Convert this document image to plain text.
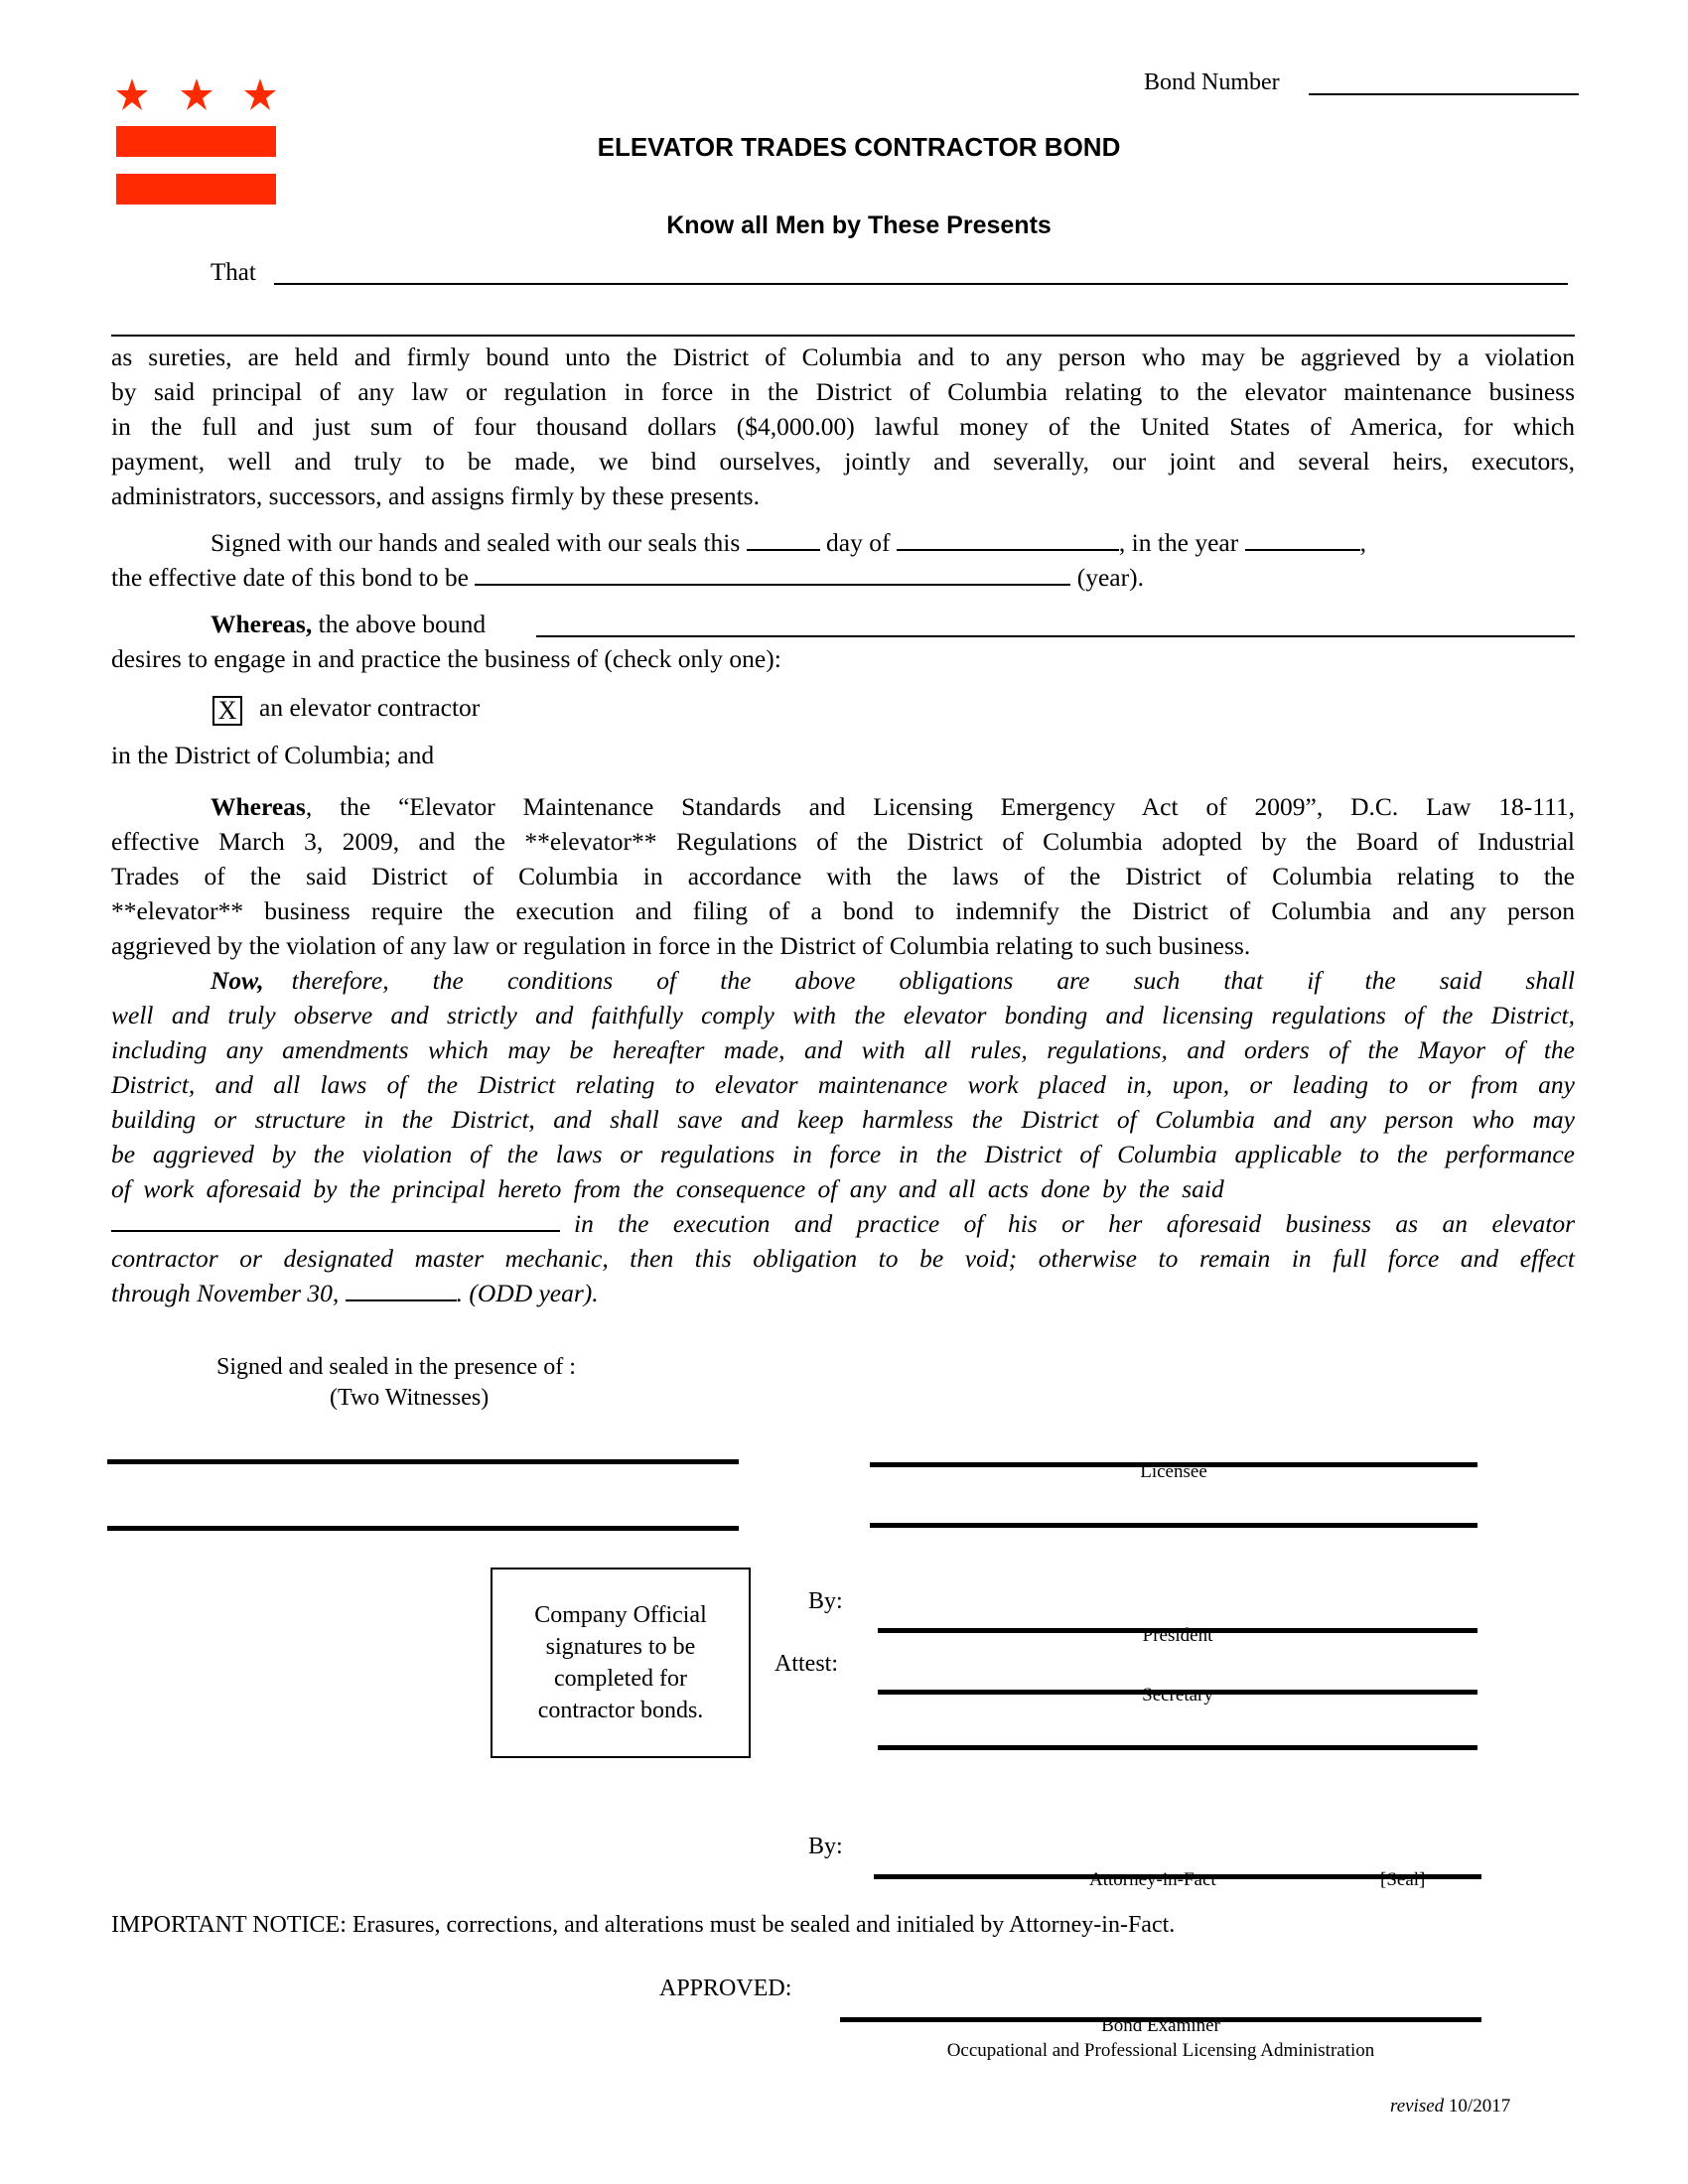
Bond Number
ELEVATOR TRADES CONTRACTOR BOND
Know all Men by These Presents
That
as sureties, are held and firmly bound unto the District of Columbia and to any person who may be aggrieved by a violation
by said principal of any law or regulation in force in the District of Columbia relating to the elevator maintenance business
in the full and just sum of four thousand dollars ($4,000.00) lawful money of the United States of America, for which
payment, well and truly to be made, we bind ourselves, jointly and severally, our joint and several heirs, executors,
administrators, successors, and assigns firmly by these presents.
Signed with our hands and sealed with our seals this	day of	, in the year	,
the effective date of this bond to be	(year).
Whereas, the above bound
desires to engage in and practice the business of (check only one):
X an elevator contractor
in the District of Columbia; and
Whereas, the “Elevator Maintenance Standards and Licensing Emergency Act of 2009”, D.C. Law 18-111,
effective March 3, 2009, and the **elevator** Regulations of the District of Columbia adopted by the Board of Industrial
Trades of the said District of Columbia in accordance with the laws of the District of Columbia relating to the
**elevator** business require the execution and filing of a bond to indemnify the District of Columbia and any person
aggrieved by the violation of any law or regulation in force in the District of Columbia relating to such business.
Now, therefore, the conditions of the above obligations are such that if the said shall
well and truly observe and strictly and faithfully comply with the elevator bonding and licensing regulations of the District,
including any amendments which may be hereafter made, and with all rules, regulations, and orders of the Mayor of the
District, and all laws of the District relating to elevator maintenance work placed in, upon, or leading to or from any
building or structure in the District, and shall save and keep harmless the District of Columbia and any person who may
be aggrieved by the violation of the laws or regulations in force in the District of Columbia applicable to the performance
of work aforesaid by the principal hereto from the consequence of any and all acts done by the said
in the execution and practice of his or her aforesaid business as an elevator
contractor or designated master mechanic, then this obligation to be void; otherwise to remain in full force and effect
through November 30,	. (ODD year).
Signed and sealed in the presence of :
(Two Witnesses)
Licensee
Company Official
signatures to be
completed for
contractor bonds.
By:
President
Attest:
Secretary
By:
Attorney-in-Fact	[Seal]
IMPORTANT NOTICE: Erasures, corrections, and alterations must be sealed and initialed by Attorney-in-Fact.
APPROVED:
Bond Examiner
Occupational and Professional Licensing Administration
revised 10/2017
